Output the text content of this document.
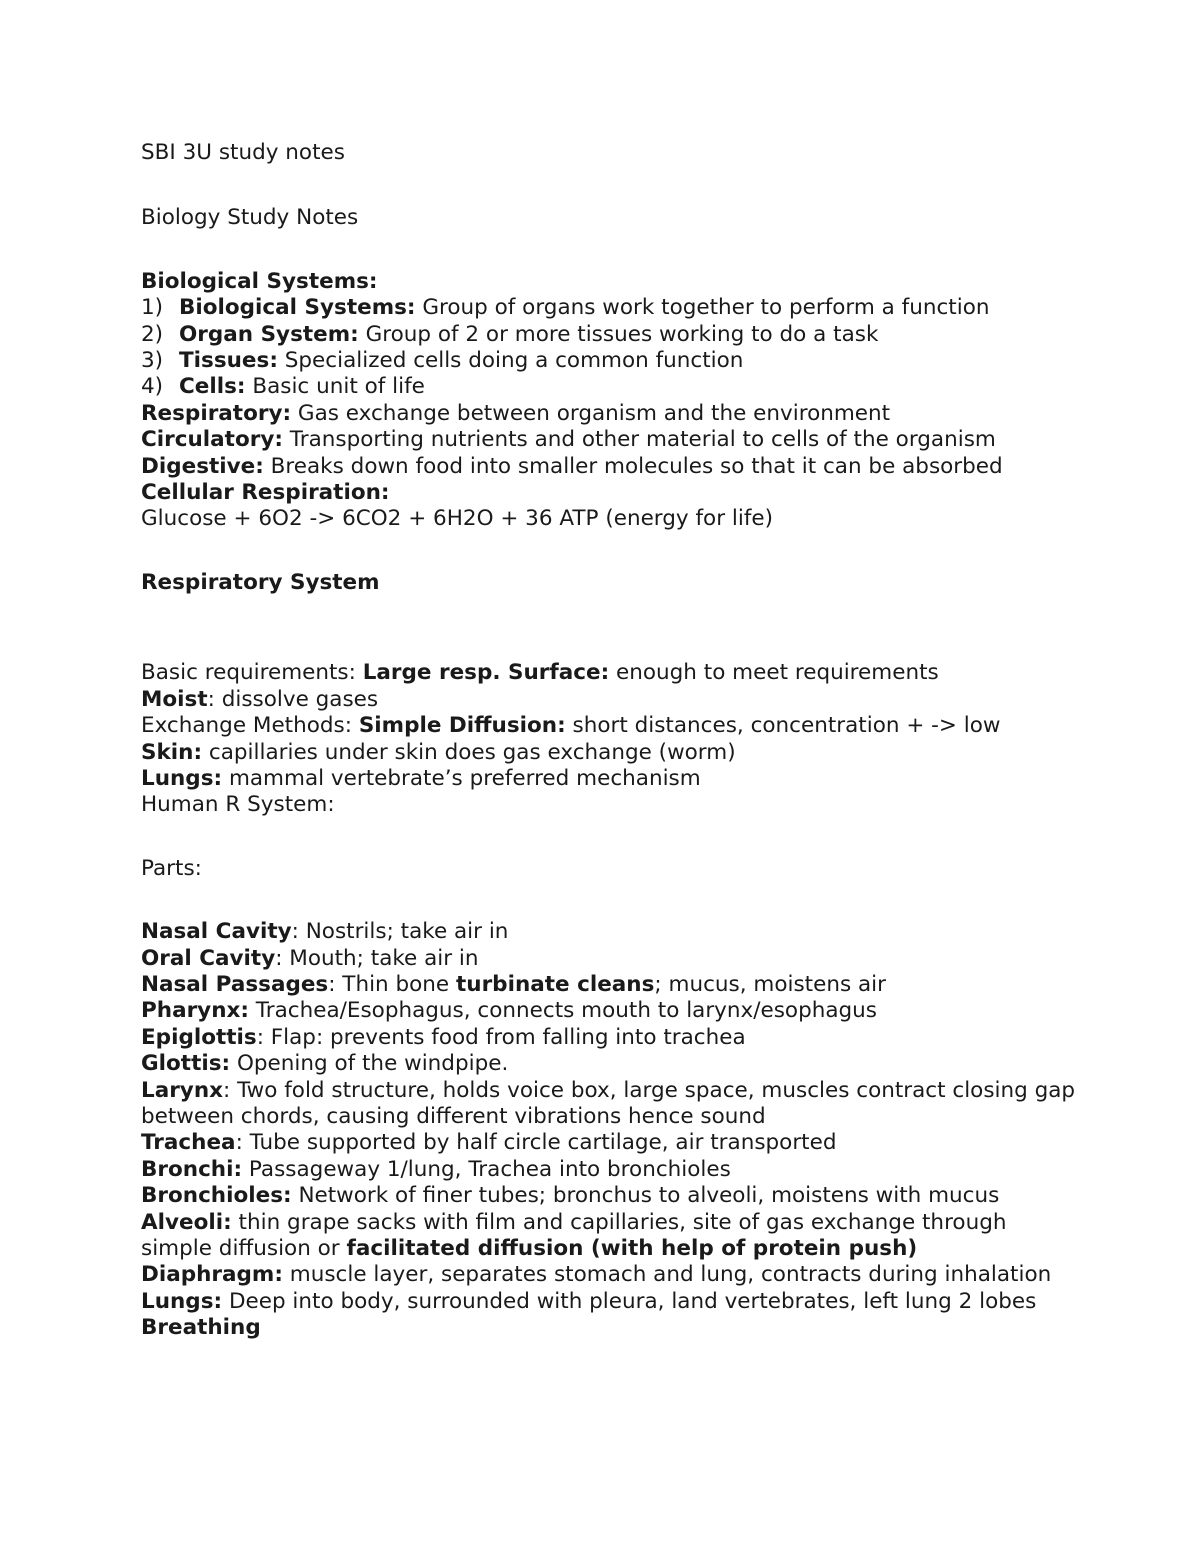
SBI 3U study notes

Biology Study Notes

Biological Systems:

1) Biological Systems: Group of organs work together to perform a function

2) Organ System: Group of 2 or more tissues working to do a task

3) Tissues: Specialized cells doing a common function

4) Cells: Basic unit of life

Respiratory: Gas exchange between organism and the environment

Circulatory: Transporting nutrients and other material to cells of the organism

Digestive: Breaks down food into smaller molecules so that it can be absorbed

Cellular Respiration:

Glucose + 6O2 -> 6CO2 + 6H2O + 36 ATP (energy for life)

Respiratory System

Basic requirements: Large resp. Surface: enough to meet requirements

Moist: dissolve gases

Exchange Methods: Simple Diffusion: short distances, concentration + -> low

Skin: capillaries under skin does gas exchange (worm)

Lungs: mammal vertebrate’s preferred mechanism

Human R System:

Parts:

Nasal Cavity: Nostrils; take air in

Oral Cavity: Mouth; take air in

Nasal Passages: Thin bone turbinate cleans; mucus, moistens air

Pharynx: Trachea/Esophagus, connects mouth to larynx/esophagus

Epiglottis: Flap: prevents food from falling into trachea

Glottis: Opening of the windpipe.

Larynx: Two fold structure, holds voice box, large space, muscles contract closing gap between chords, causing different vibrations hence sound

Trachea: Tube supported by half circle cartilage, air transported

Bronchi: Passageway 1/lung, Trachea into bronchioles

Bronchioles: Network of finer tubes; bronchus to alveoli, moistens with mucus

Alveoli: thin grape sacks with film and capillaries, site of gas exchange through simple diffusion or facilitated diffusion (with help of protein push)

Diaphragm: muscle layer, separates stomach and lung, contracts during inhalation

Lungs: Deep into body, surrounded with pleura, land vertebrates, left lung 2 lobes

Breathing
